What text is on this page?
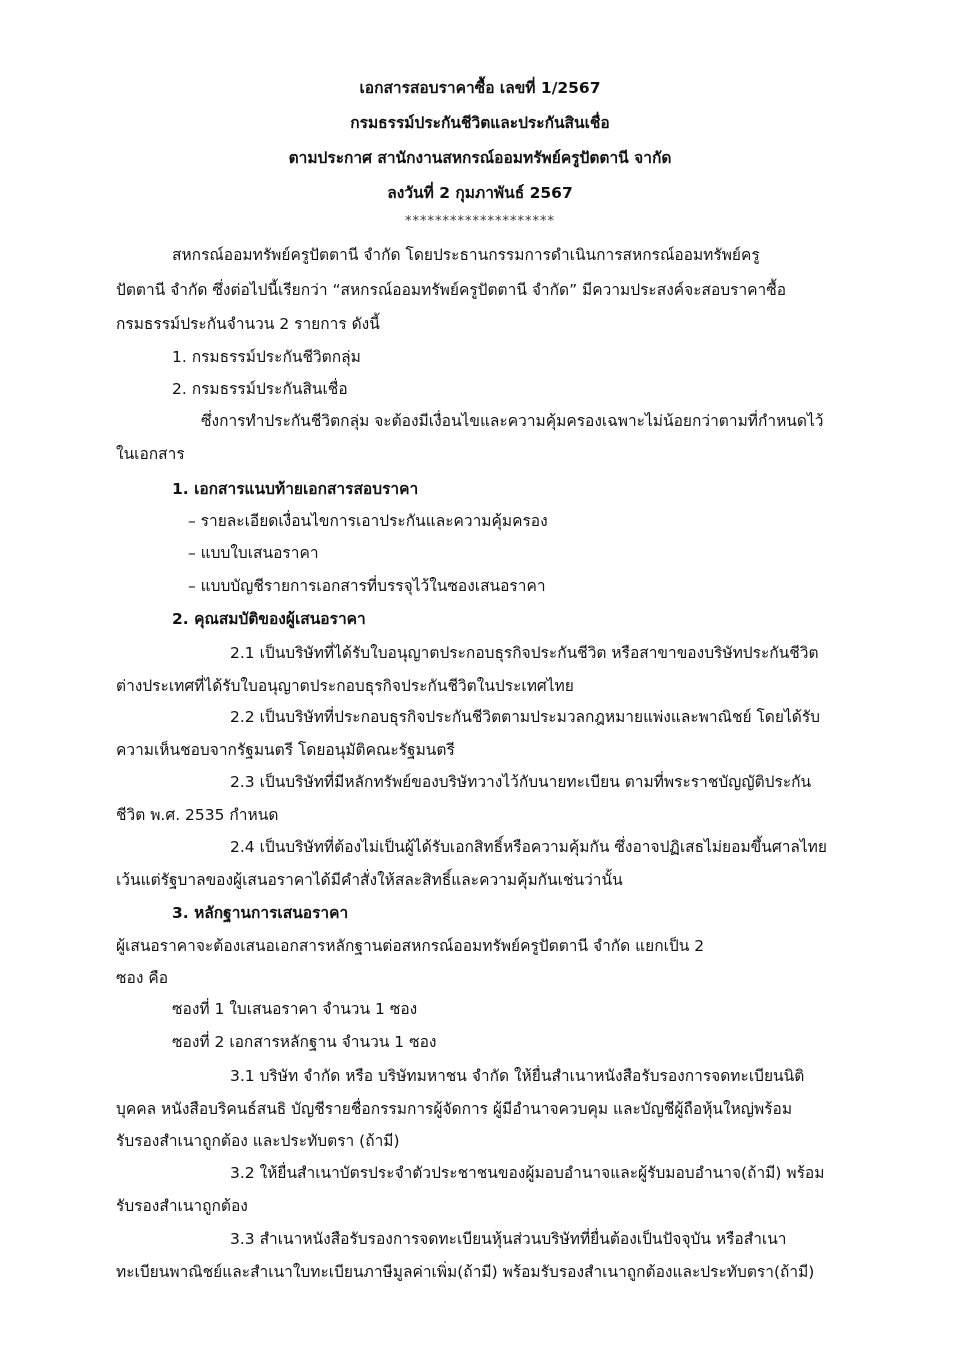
เอกสารสอบราคาซื้อ เลขที่ 1/2567
กรมธรรม์ประกันชีวิตและประกันสินเชื่อ
ตามประกาศ สานักงานสหกรณ์ออมทรัพย์ครูปัตตานี จากัด
ลงวันที่ 2 กุมภาพันธ์ 2567
********************
สหกรณ์ออมทรัพย์ครูปัตตานี จำกัด โดยประธานกรรมการดำเนินการสหกรณ์ออมทรัพย์ครู
ปัตตานี จำกัด ซึ่งต่อไปนี้เรียกว่า “สหกรณ์ออมทรัพย์ครูปัตตานี จำกัด” มีความประสงค์จะสอบราคาซื้อ
กรมธรรม์ประกันจำนวน 2 รายการ ดังนี้
1. กรมธรรม์ประกันชีวิตกลุ่ม
2. กรมธรรม์ประกันสินเชื่อ
ซึ่งการทำประกันชีวิตกลุ่ม จะต้องมีเงื่อนไขและความคุ้มครองเฉพาะไม่น้อยกว่าตามที่กำหนดไว้
ในเอกสาร
1. เอกสารแนบท้ายเอกสารสอบราคา
– รายละเอียดเงื่อนไขการเอาประกันและความคุ้มครอง
– แบบใบเสนอราคา
– แบบบัญชีรายการเอกสารที่บรรจุไว้ในซองเสนอราคา
2. คุณสมบัติของผู้เสนอราคา
2.1 เป็นบริษัทที่ได้รับใบอนุญาตประกอบธุรกิจประกันชีวิต หรือสาขาของบริษัทประกันชีวิต
ต่างประเทศที่ได้รับใบอนุญาตประกอบธุรกิจประกันชีวิตในประเทศไทย
2.2 เป็นบริษัทที่ประกอบธุรกิจประกันชีวิตตามประมวลกฎหมายแพ่งและพาณิชย์ โดยได้รับ
ความเห็นชอบจากรัฐมนตรี โดยอนุมัติคณะรัฐมนตรี
2.3 เป็นบริษัทที่มีหลักทรัพย์ของบริษัทวางไว้กับนายทะเบียน ตามที่พระราชบัญญัติประกัน
ชีวิต พ.ศ. 2535 กำหนด
2.4 เป็นบริษัทที่ต้องไม่เป็นผู้ได้รับเอกสิทธิ์หรือความคุ้มกัน ซึ่งอาจปฏิเสธไม่ยอมขึ้นศาลไทย
เว้นแต่รัฐบาลของผู้เสนอราคาได้มีคำสั่งให้สละสิทธิ์และความคุ้มกันเช่นว่านั้น
3. หลักฐานการเสนอราคา
ผู้เสนอราคาจะต้องเสนอเอกสารหลักฐานต่อสหกรณ์ออมทรัพย์ครูปัตตานี จำกัด แยกเป็น 2
ซอง คือ
ซองที่ 1 ใบเสนอราคา จำนวน 1 ซอง
ซองที่ 2 เอกสารหลักฐาน จำนวน 1 ซอง
3.1 บริษัท จำกัด หรือ บริษัทมหาชน จำกัด ให้ยื่นสำเนาหนังสือรับรองการจดทะเบียนนิติ
บุคคล หนังสือบริคนธ์สนธิ บัญชีรายชื่อกรรมการผู้จัดการ ผู้มีอำนาจควบคุม และบัญชีผู้ถือหุ้นใหญ่พร้อม
รับรองสำเนาถูกต้อง และประทับตรา (ถ้ามี)
3.2 ให้ยื่นสำเนาบัตรประจำตัวประชาชนของผู้มอบอำนาจและผู้รับมอบอำนาจ(ถ้ามี) พร้อม
รับรองสำเนาถูกต้อง
3.3 สำเนาหนังสือรับรองการจดทะเบียนหุ้นส่วนบริษัทที่ยื่นต้องเป็นปัจจุบัน หรือสำเนา
ทะเบียนพาณิชย์และสำเนาใบทะเบียนภาษีมูลค่าเพิ่ม(ถ้ามี) พร้อมรับรองสำเนาถูกต้องและประทับตรา(ถ้ามี)
